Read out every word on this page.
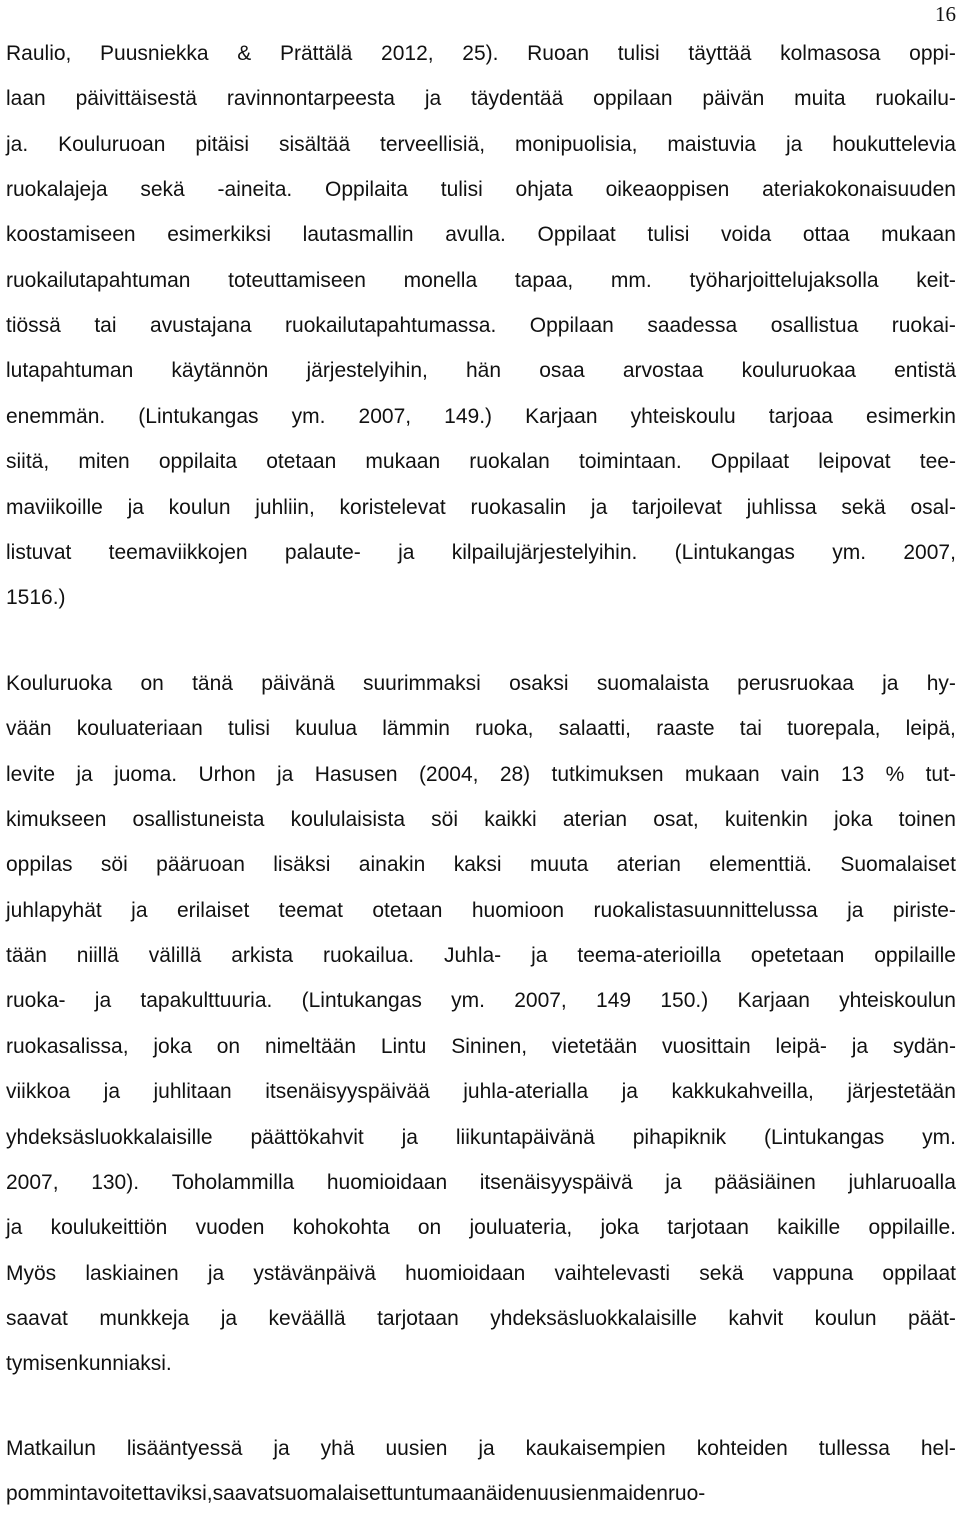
16
Raulio, Puusniekka & Prättälä 2012, 25). Ruoan tulisi täyttää kolmasosa oppi-
laan päivittäisestä ravinnontarpeesta ja täydentää oppilaan päivän muita ruokailu-
ja. Kouluruoan pitäisi sisältää terveellisiä, monipuolisia, maistuvia ja houkuttelevia
ruokalajeja sekä -aineita. Oppilaita tulisi ohjata oikeaoppisen ateriakokonaisuuden
koostamiseen esimerkiksi lautasmallin avulla. Oppilaat tulisi voida ottaa mukaan
ruokailutapahtuman toteuttamiseen monella tapaa, mm. työharjoittelujaksolla keit-
tiössä tai avustajana ruokailutapahtumassa. Oppilaan saadessa osallistua ruokai-
lutapahtuman käytännön järjestelyihin, hän osaa arvostaa kouluruokaa entistä
enemmän. (Lintukangas ym. 2007, 149.) Karjaan yhteiskoulu tarjoaa esimerkin
siitä, miten oppilaita otetaan mukaan ruokalan toimintaan. Oppilaat leipovat tee-
maviikoille ja koulun juhliin, koristelevat ruokasalin ja tarjoilevat juhlissa sekä osal-
listuvat teemaviikkojen palaute- ja kilpailujärjestelyihin. (Lintukangas ym. 2007,
15 16.)
Kouluruoka on tänä päivänä suurimmaksi osaksi suomalaista perusruokaa ja hy-
vään kouluateriaan tulisi kuulua lämmin ruoka, salaatti, raaste tai tuorepala, leipä,
levite ja juoma. Urhon ja Hasusen (2004, 28) tutkimuksen mukaan vain 13 % tut-
kimukseen osallistuneista koululaisista söi kaikki aterian osat, kuitenkin joka toinen
oppilas söi pääruoan lisäksi ainakin kaksi muuta aterian elementtiä. Suomalaiset
juhlapyhät ja erilaiset teemat otetaan huomioon ruokalistasuunnittelussa ja piriste-
tään niillä välillä arkista ruokailua. Juhla- ja teema-aterioilla opetetaan oppilaille
ruoka- ja tapakulttuuria. (Lintukangas ym. 2007, 149 150.) Karjaan yhteiskoulun
ruokasalissa, joka on nimeltään Lintu Sininen, vietetään vuosittain leipä- ja sydän-
viikkoa ja juhlitaan itsenäisyyspäivää juhla-aterialla ja kakkukahveilla, järjestetään
yhdeksäsluokkalaisille päättökahvit ja liikuntapäivänä pihapiknik (Lintukangas ym.
2007, 130). Toholammilla huomioidaan itsenäisyyspäivä ja pääsiäinen juhlaruoalla
ja koulukeittiön vuoden kohokohta on jouluateria, joka tarjotaan kaikille oppilaille.
Myös laskiainen ja ystävänpäivä huomioidaan vaihtelevasti sekä vappuna oppilaat
saavat munkkeja ja keväällä tarjotaan yhdeksäsluokkalaisille kahvit koulun päät-
tymisen kunniaksi.
Matkailun lisääntyessä ja yhä uusien ja kaukaisempien kohteiden tullessa hel-
pommin tavoitettaviksi, saavat suomalaiset tuntumaa näiden uusien maiden ruo-
